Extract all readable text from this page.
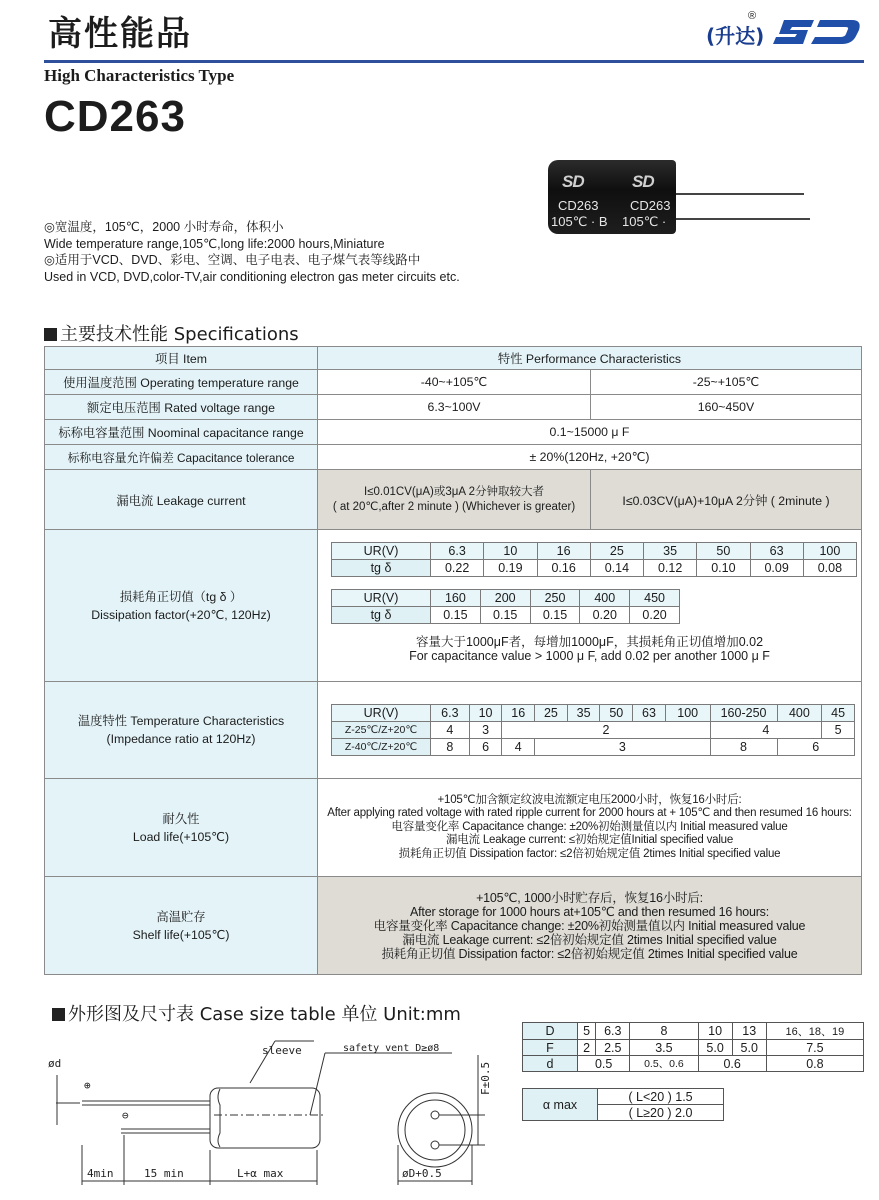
高性能品	(升达)
®
High Characteristics Type
CD263
SD	SD
CD263 CD263
105℃ · B 105℃ ·
◎宽温度，105℃，2000 小时寿命，体积小
Wide temperature range,105℃,long life:2000 hours,Miniature
◎适用于VCD、DVD、彩电、空调、电子电表、电子煤气表等线路中
Used in VCD, DVD,color-TV,air conditioning electron gas meter circuits etc.
主要技术性能 Specifications
项目 Item	特性 Performance Characteristics
使用温度范围 Operating temperature range	-40~+105℃	-25~+105℃
额定电压范围 Rated voltage range	6.3~100V	160~450V
标称电容量范围 Noominal capacitance range	0.1~15000 μ F
标称电容量允许偏差 Capacitance tolerance	± 20%(120Hz, +20℃)
漏电流 Leakage current	
I≤0.01CV(μA)或3μA 2分钟取较大者
( at 20℃,after 2 minute ) (Whichever is greater)	I≤0.03CV(μA)+10μA 2分钟 ( 2minute )

损耗角正切值（tg δ ）
Dissipation factor(+20℃, 120Hz)

UR(V)	6.3	10	16	25	35	50	63	100
tg δ	0.22	0.19	0.16	0.14	0.12	0.10	0.09	0.08
UR(V)	160	200	250	400	450
tg δ	0.15	0.15	0.15	0.20	0.20
容量大于1000μF者，每增加1000μF，其损耗角正切值增加0.02
For capacitance value > 1000 μ F, add 0.02 per another 1000 μ F

温度特性 Temperature Characteristics
(Impedance ratio at 120Hz)

UR(V)	6.3	10	16	25	35	50	63	100	160-250	400	45
Z-25℃/Z+20℃	4	3	2	4	5
Z-40℃/Z+20℃	8	6	4	3	8	6

耐久性
Load life(+105℃)

+105℃加含额定纹波电流额定电压2000小时，恢复16小时后:
After applying rated voltage with rated ripple current for 2000 hours at + 105℃ and then resumed 16 hours:
电容量变化率 Capacitance change: ±20%初始测量值以内 Initial measured value
漏电流 Leakage current: ≤初始规定值Initial specified value
损耗角正切值 Dissipation factor: ≤2倍初始规定值 2times Initial specified value

高温贮存
Shelf life(+105℃)

+105℃, 1000小时贮存后，恢复16小时后:
After storage for 1000 hours at+105℃ and then resumed 16 hours:
电容量变化率 Capacitance change: ±20%初始测量值以内 Initial measured value
漏电流 Leakage current: ≤2倍初始规定值 2times Initial specified value
损耗角正切值 Dissipation factor: ≤2倍初始规定值 2times Initial specified value
外形图及尺寸表 Case size table 单位 Unit:mm
sleeve	safety vent D≥ø8
ød
⊕
⊖
F±0.5
4min	15 min	L+α max	øD+0.5
D	5	6.3	8	10	13	16、18、19
F	2	2.5	3.5	5.0	5.0	7.5
d	0.5		0.5、0.6	0.6		0.8
α max	( L<20 ) 1.5
( L≥20 ) 2.0
